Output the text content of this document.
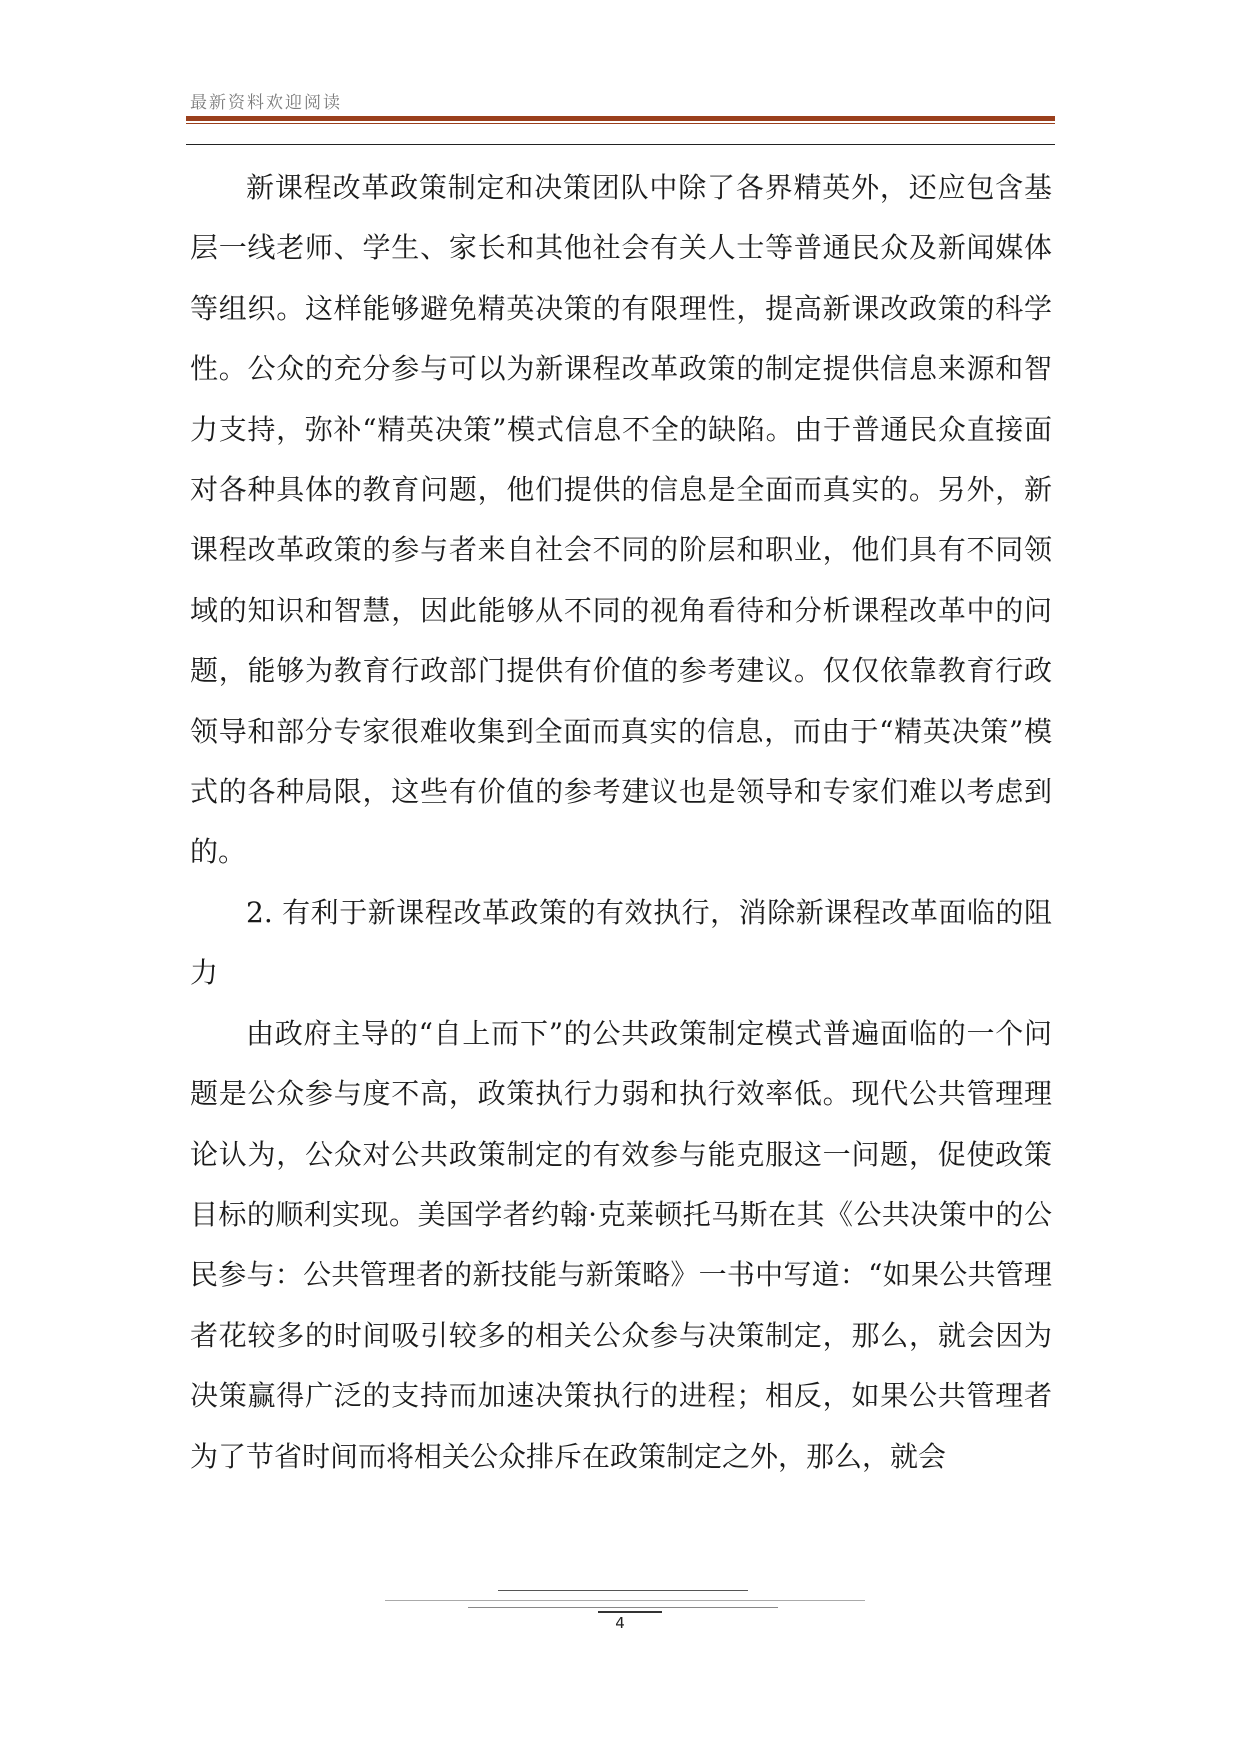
最新资料欢迎阅读

新课程改革政策制定和决策团队中除了各界精英外，还应包含基层一线老师、学生、家长和其他社会有关人士等普通民众及新闻媒体等组织。这样能够避免精英决策的有限理性，提高新课改政策的科学性。公众的充分参与可以为新课程改革政策的制定提供信息来源和智力支持，弥补“精英决策”模式信息不全的缺陷。由于普通民众直接面对各种具体的教育问题，他们提供的信息是全面而真实的。另外，新课程改革政策的参与者来自社会不同的阶层和职业，他们具有不同领域的知识和智慧，因此能够从不同的视角看待和分析课程改革中的问题，能够为教育行政部门提供有价值的参考建议。仅仅依靠教育行政领导和部分专家很难收集到全面而真实的信息，而由于“精英决策”模式的各种局限，这些有价值的参考建议也是领导和专家们难以考虑到的。

2. 有利于新课程改革政策的有效执行，消除新课程改革面临的阻力

由政府主导的“自上而下”的公共政策制定模式普遍面临的一个问题是公众参与度不高，政策执行力弱和执行效率低。现代公共管理理论认为，公众对公共政策制定的有效参与能克服这一问题，促使政策目标的顺利实现。美国学者约翰·克莱顿托马斯在其《公共决策中的公民参与：公共管理者的新技能与新策略》一书中写道：“如果公共管理者花较多的时间吸引较多的相关公众参与决策制定，那么，就会因为决策赢得广泛的支持而加速决策执行的进程；相反，如果公共管理者为了节省时间而将相关公众排斥在政策制定之外，那么，就会

4
